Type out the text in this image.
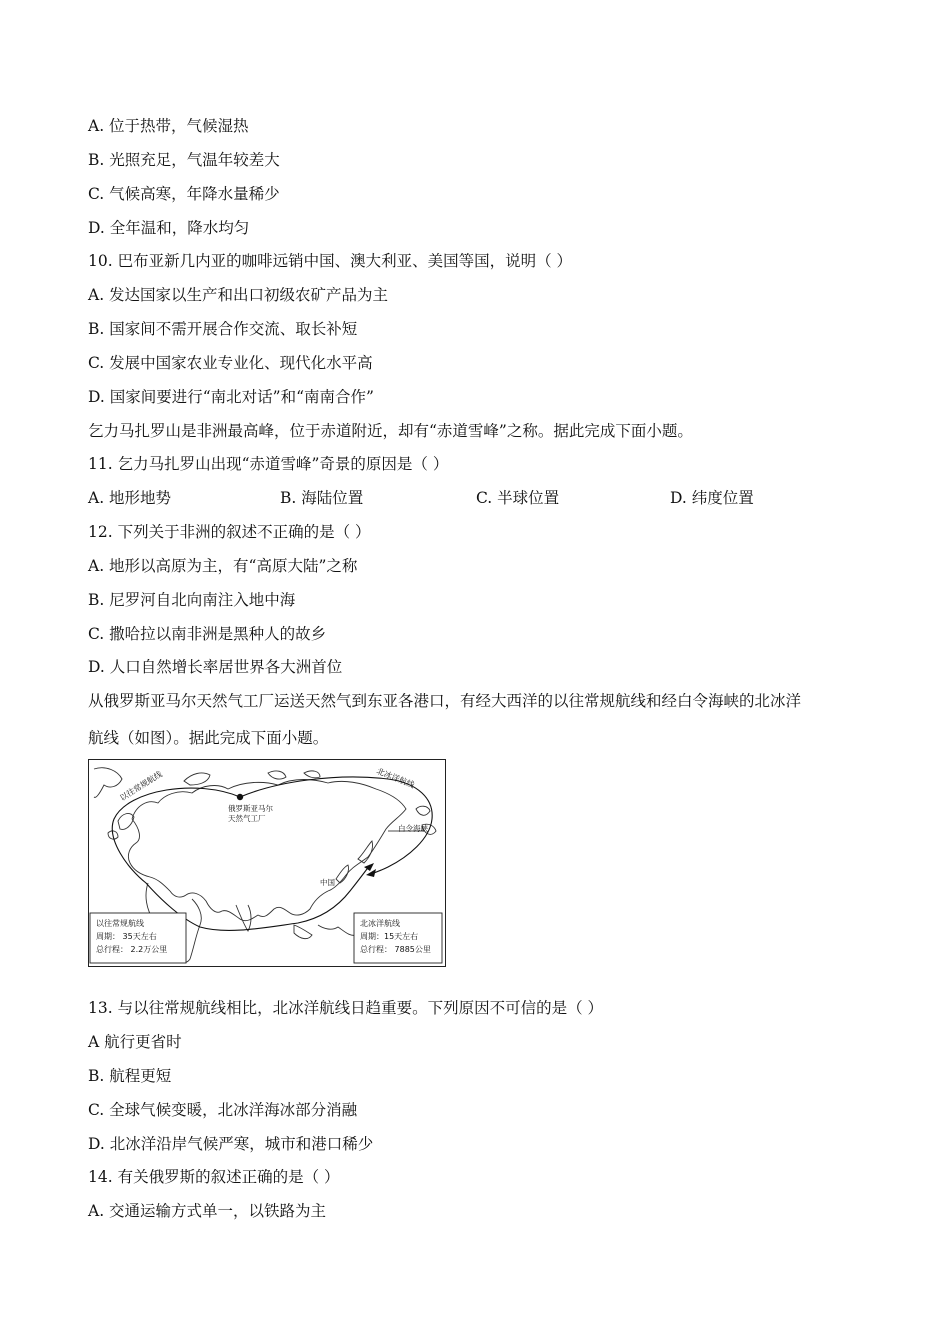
A. 位于热带，气候湿热
B. 光照充足，气温年较差大
C. 气候高寒，年降水量稀少
D. 全年温和，降水均匀
10. 巴布亚新几内亚的咖啡远销中国、澳大利亚、美国等国，说明（ ）
A. 发达国家以生产和出口初级农矿产品为主
B. 国家间不需开展合作交流、取长补短
C. 发展中国家农业专业化、现代化水平高
D. 国家间要进行“南北对话”和“南南合作”
乞力马扎罗山是非洲最高峰，位于赤道附近，却有“赤道雪峰”之称。据此完成下面小题。
11. 乞力马扎罗山出现“赤道雪峰”奇景的原因是（ ）
A. 地形地势	B. 海陆位置	C. 半球位置	D. 纬度位置
12. 下列关于非洲的叙述不正确的是（ ）
A. 地形以高原为主，有“高原大陆”之称
B. 尼罗河自北向南注入地中海
C. 撒哈拉以南非洲是黑种人的故乡
D. 人口自然增长率居世界各大洲首位
从俄罗斯亚马尔天然气工厂运送天然气到东亚各港口，有经大西洋的以往常规航线和经白令海峡的北冰洋
航线（如图）。据此完成下面小题。
以往常规航线	北冰洋航线
俄罗斯亚马尔
天然气工厂
白令海峡
中国
以往常规航线
周期： 35天左右
总行程： 2.2万公里
北冰洋航线
周期：15天左右
总行程： 7885公里
13. 与以往常规航线相比，北冰洋航线日趋重要。下列原因不可信的是（ ）
A 航行更省时
B. 航程更短
C. 全球气候变暖，北冰洋海冰部分消融
D. 北冰洋沿岸气候严寒，城市和港口稀少
14. 有关俄罗斯的叙述正确的是（ ）
A. 交通运输方式单一，以铁路为主
